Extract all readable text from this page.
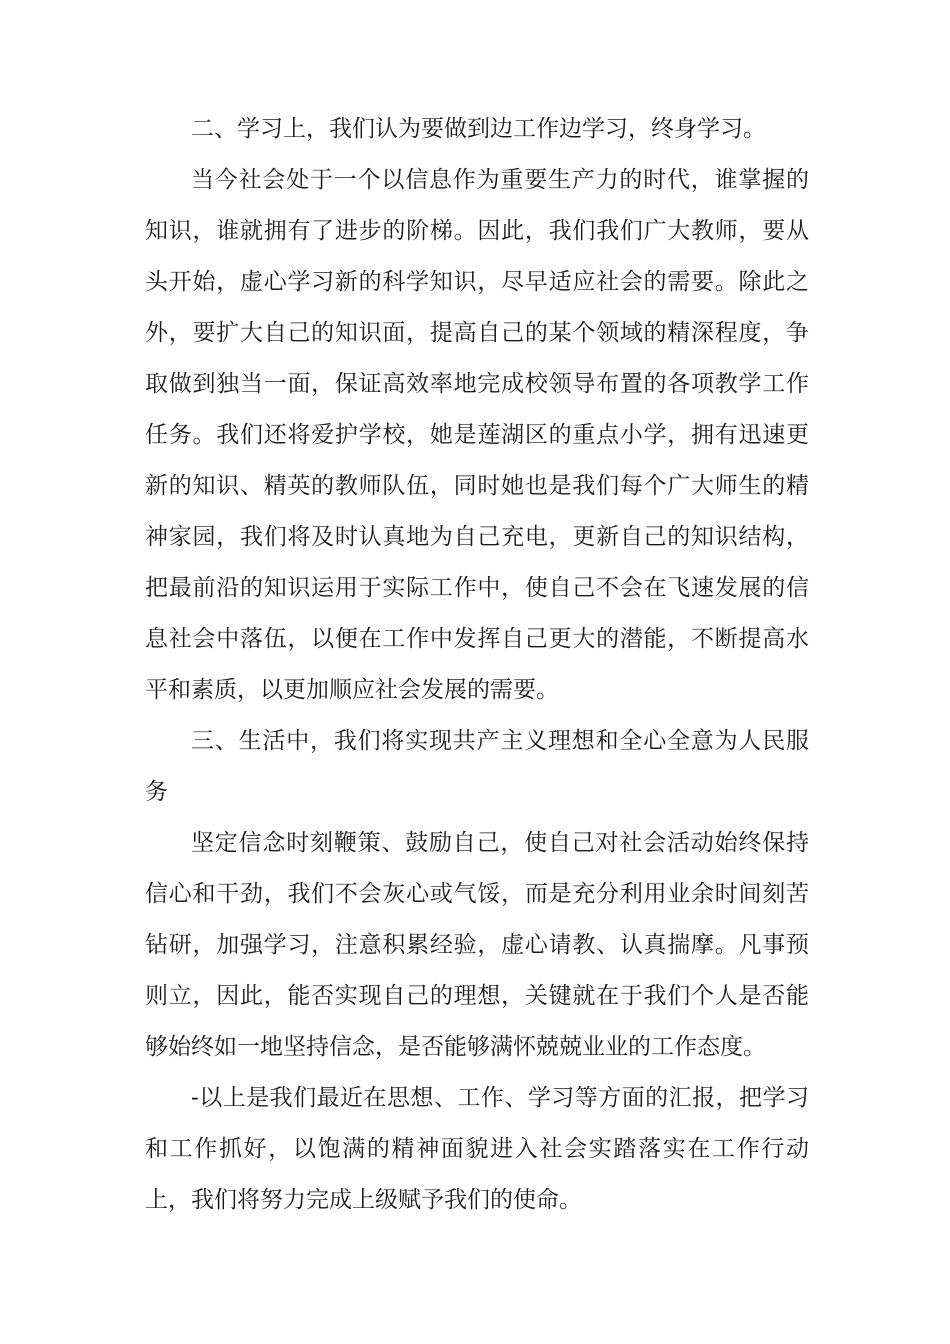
二、学习上，我们认为要做到边工作边学习，终身学习。

当今社会处于一个以信息作为重要生产力的时代，谁掌握的知识，谁就拥有了进步的阶梯。因此，我们我们广大教师，要从头开始，虚心学习新的科学知识，尽早适应社会的需要。除此之外，要扩大自己的知识面，提高自己的某个领域的精深程度，争取做到独当一面，保证高效率地完成校领导布置的各项教学工作任务。我们还将爱护学校，她是莲湖区的重点小学，拥有迅速更新的知识、精英的教师队伍，同时她也是我们每个广大师生的精神家园，我们将及时认真地为自己充电，更新自己的知识结构，把最前沿的知识运用于实际工作中，使自己不会在飞速发展的信息社会中落伍，以便在工作中发挥自己更大的潜能，不断提高水平和素质，以更加顺应社会发展的需要。

三、生活中，我们将实现共产主义理想和全心全意为人民服务

坚定信念时刻鞭策、鼓励自己，使自己对社会活动始终保持信心和干劲，我们不会灰心或气馁，而是充分利用业余时间刻苦钻研，加强学习，注意积累经验，虚心请教、认真揣摩。凡事预则立，因此，能否实现自己的理想，关键就在于我们个人是否能够始终如一地坚持信念，是否能够满怀兢兢业业的工作态度。

-以上是我们最近在思想、工作、学习等方面的汇报，把学习和工作抓好，以饱满的精神面貌进入社会实踏落实在工作行动上，我们将努力完成上级赋予我们的使命。
